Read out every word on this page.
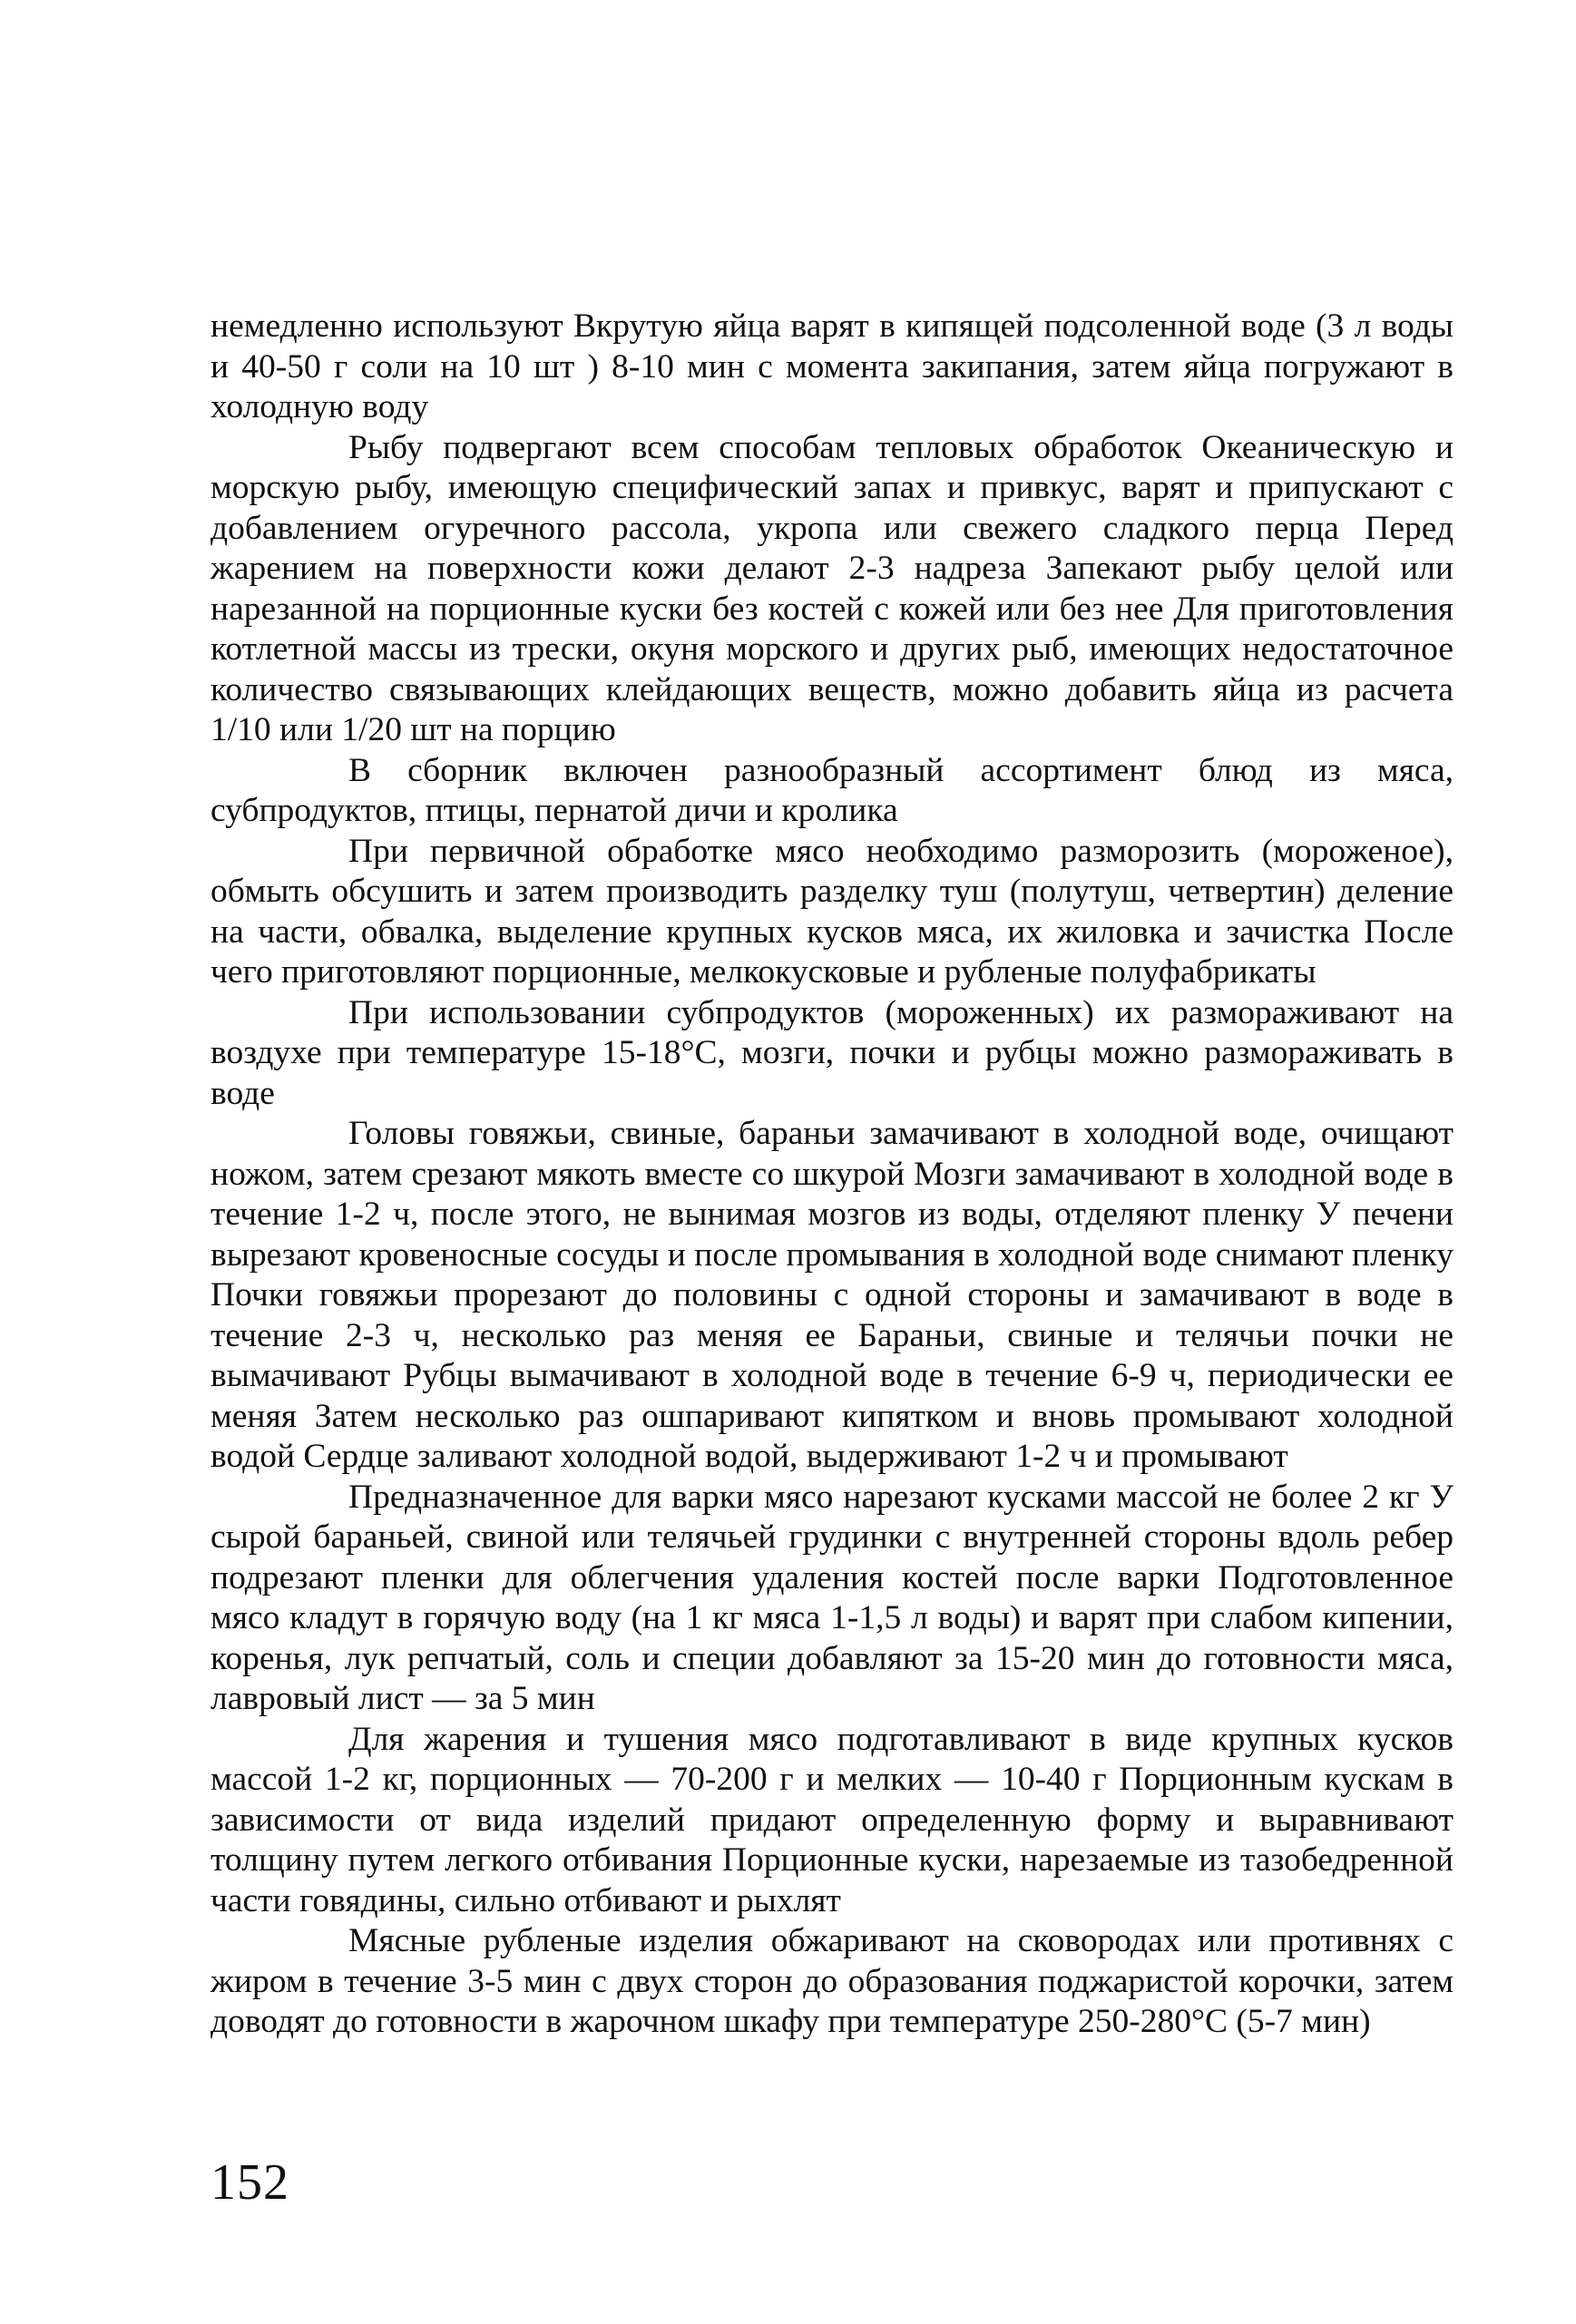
немедленно используют Вкрутую яйца варят в кипящей подсоленной воде (3 л воды и 40-50 г соли на 10 шт ) 8-10 мин с момента закипания, затем яйца погружают в холодную воду

Рыбу подвергают всем способам тепловых обработок Океаническую и морскую рыбу, имеющую специфический запах и привкус, варят и припускают с добавлением огуречного рассола, укропа или свежего сладкого перца Перед жарением на поверхности кожи делают 2-3 надреза Запекают рыбу целой или нарезанной на порционные куски без костей с кожей или без нее Для приготовления котлетной массы из трески, окуня морского и других рыб, имеющих недостаточное количество связывающих клейдающих веществ, можно добавить яйца из расчета 1/10 или 1/20 шт на порцию

В сборник включен разнообразный ассортимент блюд из мяса, субпродуктов, птицы, пернатой дичи и кролика

При первичной обработке мясо необходимо разморозить (мороженое), обмыть обсушить и затем производить разделку туш (полутуш, четвертин) деление на части, обвалка, выделение крупных кусков мяса, их жиловка и зачистка После чего приготовляют порционные, мелкокусковые и рубленые полуфабрикаты

При использовании субпродуктов (мороженных) их размораживают на воздухе при температуре 15-18°С, мозги, почки и рубцы можно размораживать в воде

Головы говяжьи, свиные, бараньи замачивают в холодной воде, очищают ножом, затем срезают мякоть вместе со шкурой Мозги замачивают в холодной воде в течение 1-2 ч, после этого, не вынимая мозгов из воды, отделяют пленку У печени вырезают кровеносные сосуды и после промывания в холодной воде снимают пленку Почки говяжьи прорезают до половины с одной стороны и замачивают в воде в течение 2-3 ч, несколько раз меняя ее Бараньи, свиные и телячьи почки не вымачивают Рубцы вымачивают в холодной воде в течение 6-9 ч, периодически ее меняя Затем несколько раз ошпаривают кипятком и вновь промывают холодной водой Сердце заливают холодной водой, выдерживают 1-2 ч и промывают

Предназначенное для варки мясо нарезают кусками массой не более 2 кг У сырой бараньей, свиной или телячьей грудинки с внутренней стороны вдоль ребер подрезают пленки для облегчения удаления костей после варки Подготовленное мясо кладут в горячую воду (на 1 кг мяса 1-1,5 л воды) и варят при слабом кипении, коренья, лук репчатый, соль и специи добавляют за 15-20 мин до готовности мяса, лавровый лист — за 5 мин

Для жарения и тушения мясо подготавливают в виде крупных кусков массой 1-2 кг, порционных — 70-200 г и мелких — 10-40 г Порционным кускам в зависимости от вида изделий придают определенную форму и выравнивают толщину путем легкого отбивания Порционные куски, нарезаемые из тазобедренной части говядины, сильно отбивают и рыхлят

Мясные рубленые изделия обжаривают на сковородах или противнях с жиром в течение 3-5 мин с двух сторон до образования поджаристой корочки, затем доводят до готовности в жарочном шкафу при температуре 250-280°С (5-7 мин)

152
